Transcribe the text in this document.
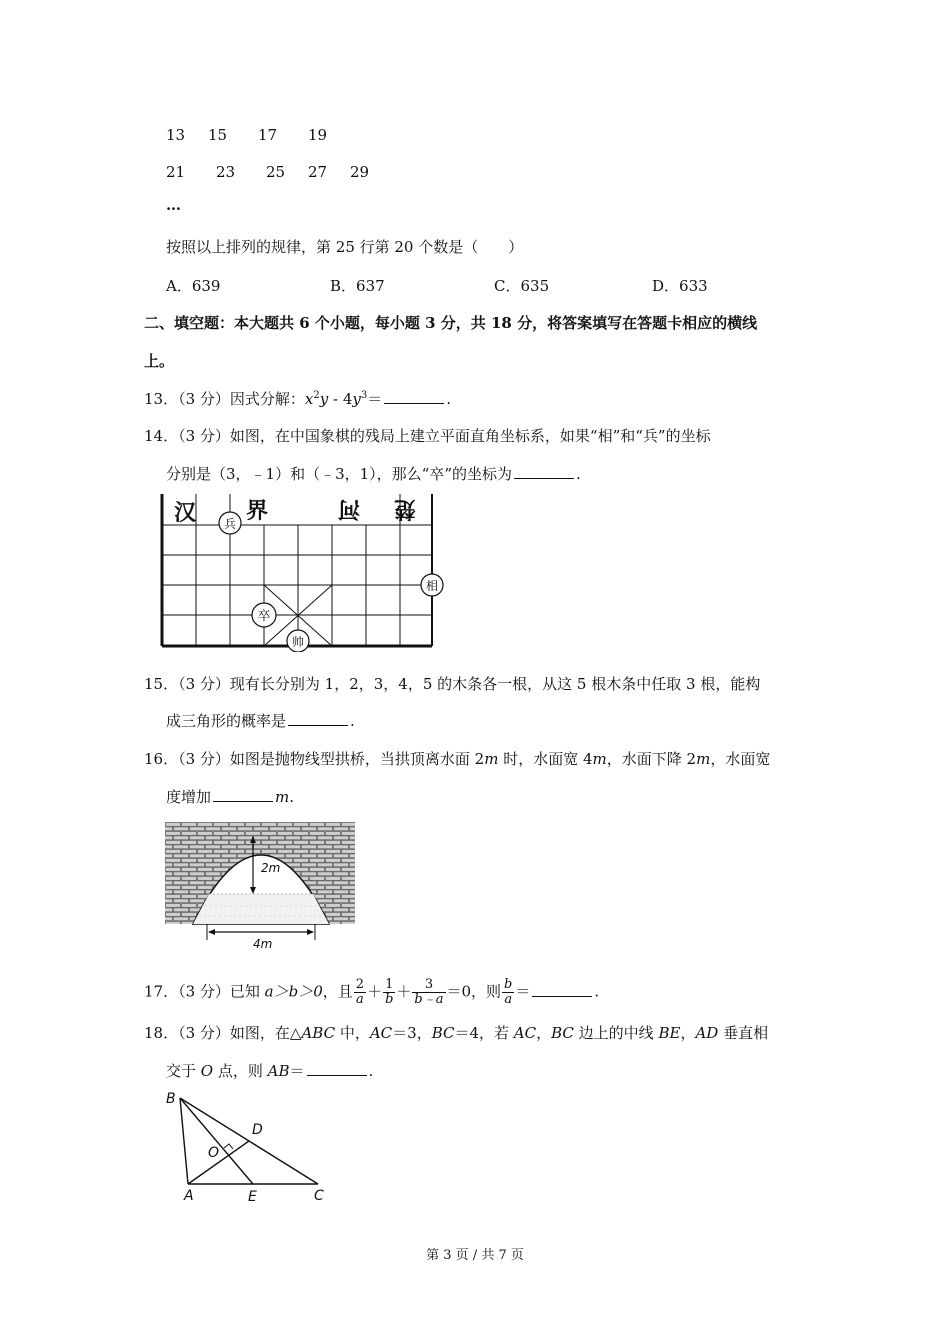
13 15 17 19
21 23 25 27 29
…
按照以上排列的规律，第 25 行第 20 个数是（　　）
A．639	B．637	C．635	D．633
二、填空题：本大题共 6 个小题，每小题 3 分，共 18 分，将答案填写在答题卡相应的横线
上。
13．（3 分）因式分解：$x^2y$ ‑ $4y^3=$	.
14．（3 分）如图，在中国象棋的残局上建立平面直角坐标系，如果“相”和“兵”的坐标
分别是（3，﹣1）和（﹣3，1），那么“卒”的坐标为	.
汉 界	河 楚
兵
相
卒
帅
15．（3 分）现有长分别为 1，2，3，4，5 的木条各一根，从这 5 根木条中任取 3 根，能构
成三角形的概率是	.
16．（3 分）如图是抛物线型拱桥，当拱顶离水面 2m 时，水面宽 4m，水面下降 2m，水面宽
度增加	m.
2m
4m
17．（3 分）已知 a＞b＞0，且 $\frac{2}{a} + \frac{1}{b} + \frac{3}{b﹣a} =0$，则 $\frac{b}{a}$ ＝	.
18．（3 分）如图，在△ABC 中，AC＝3，BC＝4，若 AC，BC 边上的中线 BE，AD 垂直相
交于 O 点，则 AB＝	.
B
D
O
A	E	C
第 3 页 / 共 7 页
